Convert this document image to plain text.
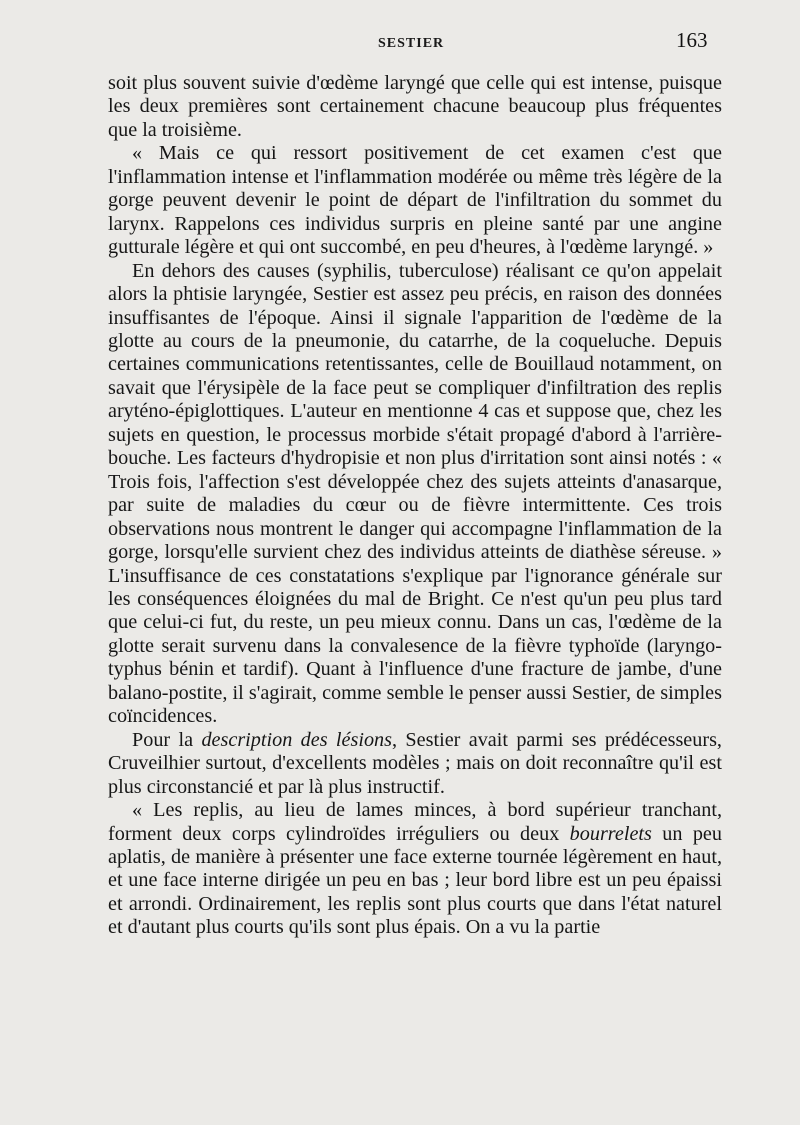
SESTIER	163

soit plus souvent suivie d'œdème laryngé que celle qui est intense, puisque les deux premières sont certainement chacune beaucoup plus fréquentes que la troisième.

« Mais ce qui ressort positivement de cet examen c'est que l'inflammation intense et l'inflammation modérée ou même très légère de la gorge peuvent devenir le point de départ de l'infiltration du sommet du larynx. Rappelons ces individus surpris en pleine santé par une angine gutturale légère et qui ont succombé, en peu d'heures, à l'œdème laryngé. »

En dehors des causes (syphilis, tuberculose) réalisant ce qu'on appelait alors la phtisie laryngée, Sestier est assez peu précis, en raison des données insuffisantes de l'époque. Ainsi il signale l'apparition de l'œdème de la glotte au cours de la pneumonie, du catarrhe, de la coqueluche. Depuis certaines communications retentissantes, celle de Bouillaud notamment, on savait que l'érysipèle de la face peut se compliquer d'infiltration des replis aryténo-épiglottiques. L'auteur en mentionne 4 cas et suppose que, chez les sujets en question, le processus morbide s'était propagé d'abord à l'arrière-bouche. Les facteurs d'hydropisie et non plus d'irritation sont ainsi notés : « Trois fois, l'affection s'est développée chez des sujets atteints d'anasarque, par suite de maladies du cœur ou de fièvre intermittente. Ces trois observations nous montrent le danger qui accompagne l'inflammation de la gorge, lorsqu'elle survient chez des individus atteints de diathèse séreuse. » L'insuffisance de ces constatations s'explique par l'ignorance générale sur les conséquences éloignées du mal de Bright. Ce n'est qu'un peu plus tard que celui-ci fut, du reste, un peu mieux connu. Dans un cas, l'œdème de la glotte serait survenu dans la convalesence de la fièvre typhoïde (laryngo-typhus bénin et tardif). Quant à l'influence d'une fracture de jambe, d'une balano-postite, il s'agirait, comme semble le penser aussi Sestier, de simples coïncidences.

Pour la description des lésions, Sestier avait parmi ses prédécesseurs, Cruveilhier surtout, d'excellents modèles ; mais on doit reconnaître qu'il est plus circonstancié et par là plus instructif.

« Les replis, au lieu de lames minces, à bord supérieur tranchant, forment deux corps cylindroïdes irréguliers ou deux bourrelets un peu aplatis, de manière à présenter une face externe tournée légèrement en haut, et une face interne dirigée un peu en bas ; leur bord libre est un peu épaissi et arrondi. Ordinairement, les replis sont plus courts que dans l'état naturel et d'autant plus courts qu'ils sont plus épais. On a vu la partie
